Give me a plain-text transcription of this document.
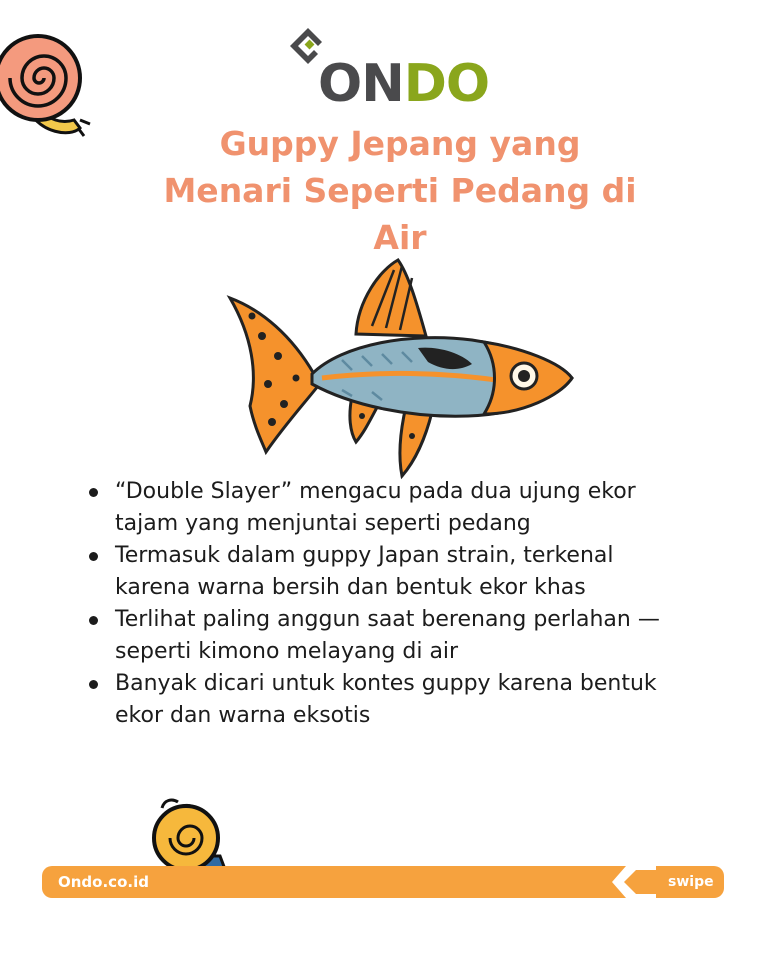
ONDO
Guppy Jepang yang Menari Seperti Pedang di Air
“Double Slayer” mengacu pada dua ujung ekor tajam yang menjuntai seperti pedang
Termasuk dalam guppy Japan strain, terkenal karena warna bersih dan bentuk ekor khas
Terlihat paling anggun saat berenang perlahan — seperti kimono melayang di air
Banyak dicari untuk kontes guppy karena bentuk ekor dan warna eksotis
Ondo.co.id	swipe
